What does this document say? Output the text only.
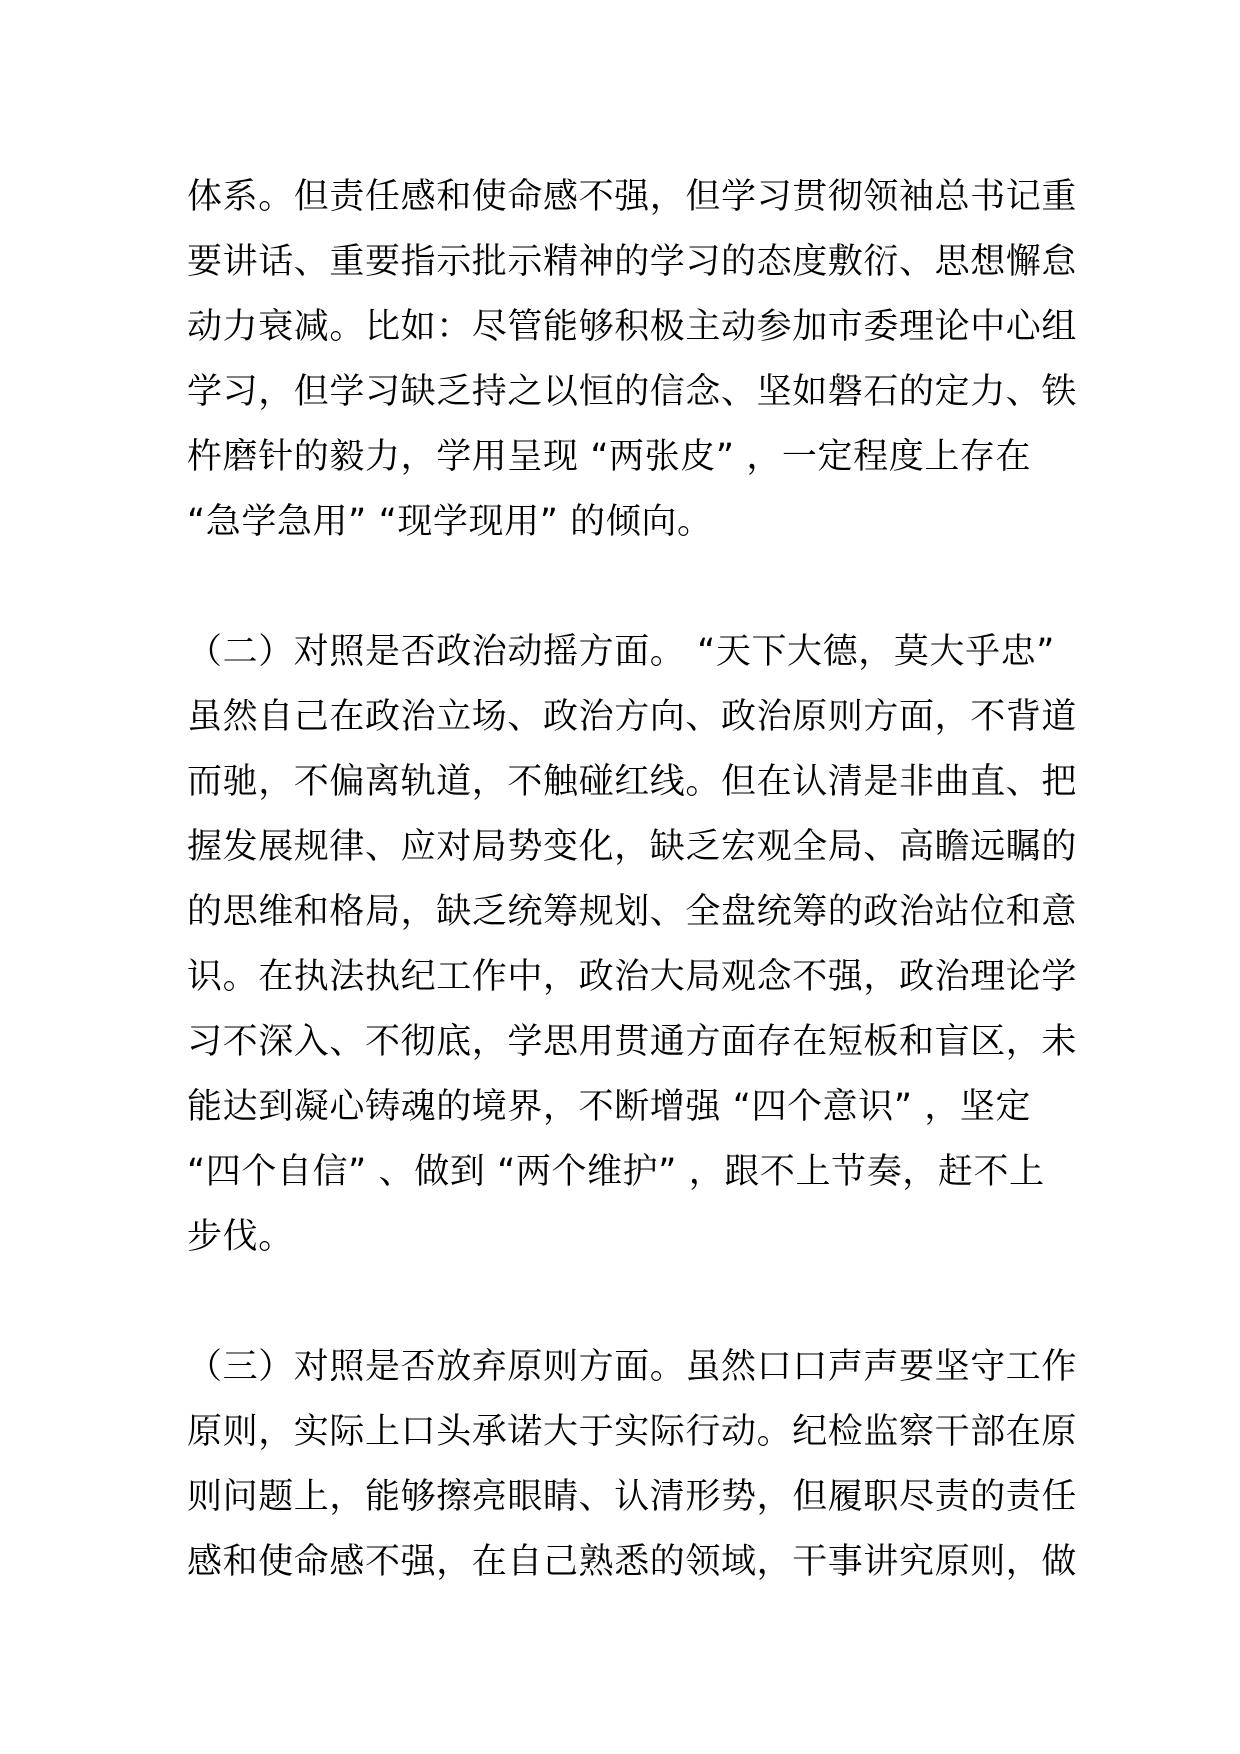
体系。但责任感和使命感不强，但学习贯彻领袖总书记重
要讲话、重要指示批示精神的学习的态度敷衍、思想懈怠
动力衰减。比如：尽管能够积极主动参加市委理论中心组
学习，但学习缺乏持之以恒的信念、坚如磐石的定力、铁
杵磨针的毅力，学用呈现 “两张皮” ，一定程度上存在
“急学急用” “现学现用” 的倾向。
（二）对照是否政治动摇方面。 “天下大德，莫大乎忠”
虽然自己在政治立场、政治方向、政治原则方面，不背道
而驰，不偏离轨道，不触碰红线。但在认清是非曲直、把
握发展规律、应对局势变化，缺乏宏观全局、高瞻远瞩的
的思维和格局，缺乏统筹规划、全盘统筹的政治站位和意
识。在执法执纪工作中，政治大局观念不强，政治理论学
习不深入、不彻底，学思用贯通方面存在短板和盲区，未
能达到凝心铸魂的境界，不断增强 “四个意识” ，坚定
“四个自信” 、做到 “两个维护” ，跟不上节奏，赶不上
步伐。
（三）对照是否放弃原则方面。虽然口口声声要坚守工作
原则，实际上口头承诺大于实际行动。纪检监察干部在原
则问题上，能够擦亮眼睛、认清形势，但履职尽责的责任
感和使命感不强，在自己熟悉的领域，干事讲究原则，做
